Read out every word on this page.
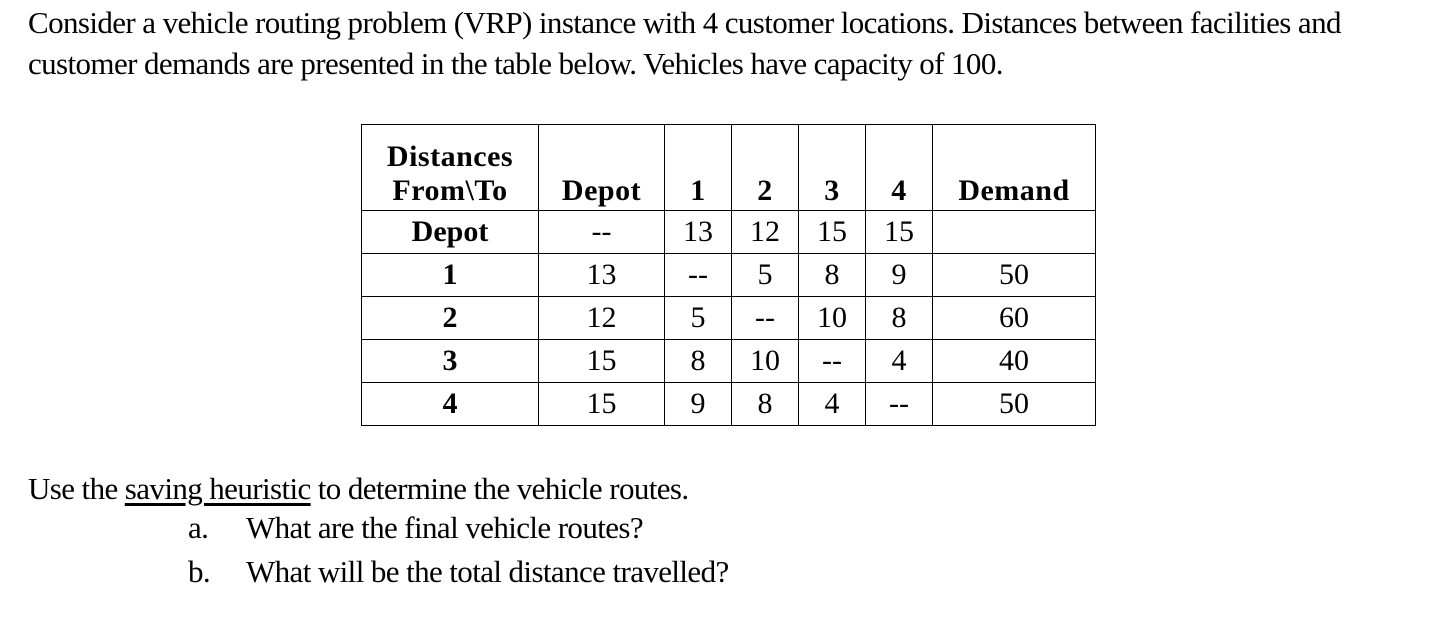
Consider a vehicle routing problem (VRP) instance with 4 customer locations. Distances between facilities and customer demands are presented in the table below. Vehicles have capacity of 100.
Distances
From\To	Depot	1	2	3	4	Demand
Depot	--	13	12	15	15	
1	13	--	5	8	9	50
2	12	5	--	10	8	60
3	15	8	10	--	4	40
4	15	9	8	4	--	50
Use the saving heuristic to determine the vehicle routes.
a. What are the final vehicle routes?
b. What will be the total distance travelled?
